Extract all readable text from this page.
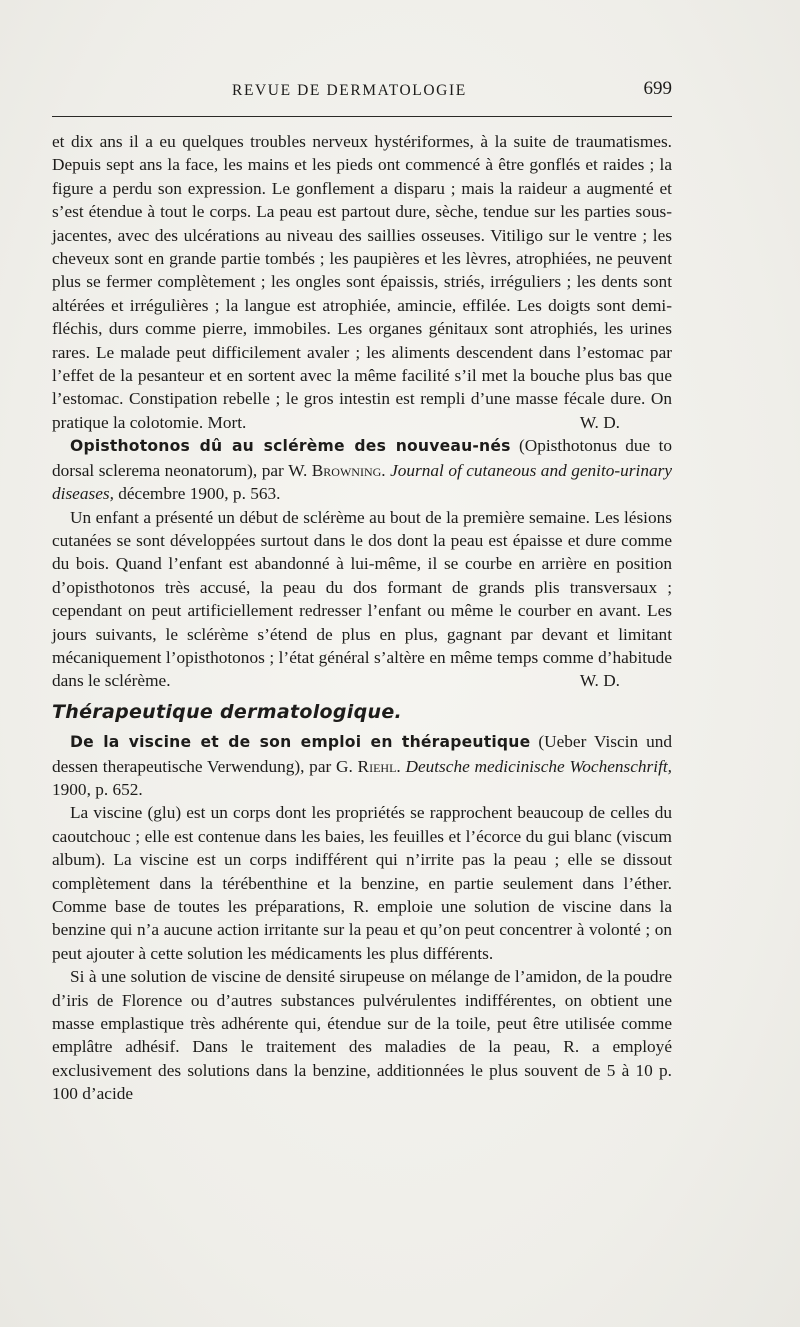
REVUE DE DERMATOLOGIE	699

et dix ans il a eu quelques troubles nerveux hystériformes, à la suite de traumatismes. Depuis sept ans la face, les mains et les pieds ont commencé à être gonflés et raides ; la figure a perdu son expression. Le gonflement a disparu ; mais la raideur a augmenté et s’est étendue à tout le corps. La peau est partout dure, sèche, tendue sur les parties sous-jacentes, avec des ulcérations au niveau des saillies osseuses. Vitiligo sur le ventre ; les cheveux sont en grande partie tombés ; les paupières et les lèvres, atrophiées, ne peuvent plus se fermer complètement ; les ongles sont épaissis, striés, irréguliers ; les dents sont altérées et irrégulières ; la langue est atrophiée, amincie, effilée. Les doigts sont demi-fléchis, durs comme pierre, immobiles. Les organes génitaux sont atrophiés, les urines rares. Le malade peut difficilement avaler ; les aliments descendent dans l’estomac par l’effet de la pesanteur et en sortent avec la même facilité s’il met la bouche plus bas que l’estomac. Constipation rebelle ; le gros intestin est rempli d’une masse fécale dure. On pratique la colotomie. Mort.	W. D.

Opisthotonos dû au sclérème des nouveau-nés (Opisthotonus due to dorsal sclerema neonatorum), par W. Browning. Journal of cutaneous and genito-urinary diseases, décembre 1900, p. 563.

Un enfant a présenté un début de sclérème au bout de la première semaine. Les lésions cutanées se sont développées surtout dans le dos dont la peau est épaisse et dure comme du bois. Quand l’enfant est abandonné à lui-même, il se courbe en arrière en position d’opisthotonos très accusé, la peau du dos formant de grands plis transversaux ; cependant on peut artificiellement redresser l’enfant ou même le courber en avant. Les jours suivants, le sclérème s’étend de plus en plus, gagnant par devant et limitant mécaniquement l’opisthotonos ; l’état général s’altère en même temps comme d’habitude dans le sclérème.	W. D.

Thérapeutique dermatologique.

De la viscine et de son emploi en thérapeutique (Ueber Viscin und dessen therapeutische Verwendung), par G. Riehl. Deutsche medicinische Wochenschrift, 1900, p. 652.

La viscine (glu) est un corps dont les propriétés se rapprochent beaucoup de celles du caoutchouc ; elle est contenue dans les baies, les feuilles et l’écorce du gui blanc (viscum album). La viscine est un corps indifférent qui n’irrite pas la peau ; elle se dissout complètement dans la térébenthine et la benzine, en partie seulement dans l’éther. Comme base de toutes les préparations, R. emploie une solution de viscine dans la benzine qui n’a aucune action irritante sur la peau et qu’on peut concentrer à volonté ; on peut ajouter à cette solution les médicaments les plus différents.

Si à une solution de viscine de densité sirupeuse on mélange de l’amidon, de la poudre d’iris de Florence ou d’autres substances pulvérulentes indifférentes, on obtient une masse emplastique très adhérente qui, étendue sur de la toile, peut être utilisée comme emplâtre adhésif. Dans le traitement des maladies de la peau, R. a employé exclusivement des solutions dans la benzine, additionnées le plus souvent de 5 à 10 p. 100 d’acide
